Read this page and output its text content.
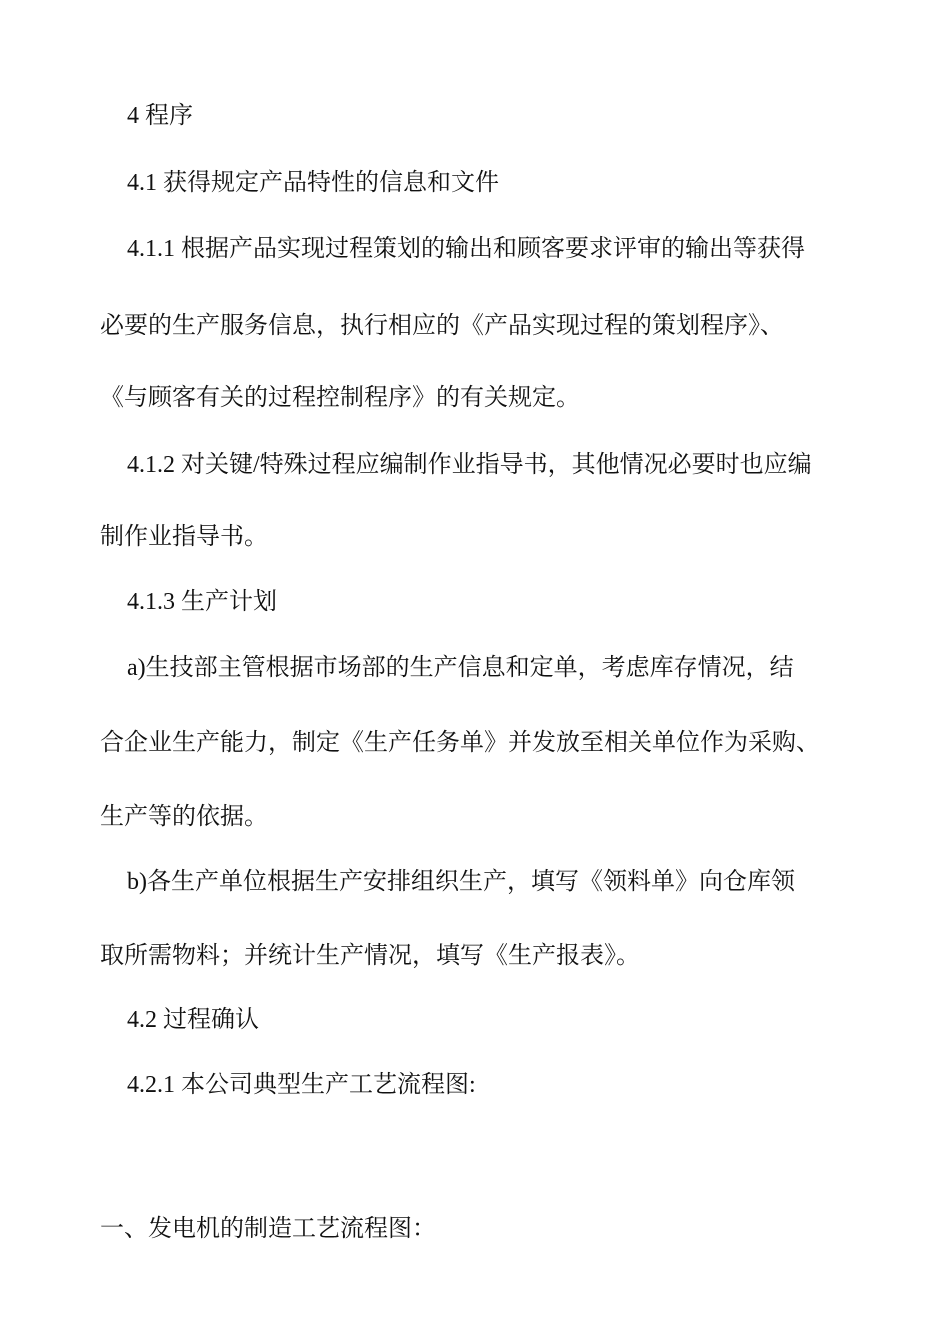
4 程序
4.1 获得规定产品特性的信息和文件
4.1.1 根据产品实现过程策划的输出和顾客要求评审的输出等获得
必要的生产服务信息，执行相应的《产品实现过程的策划程序》、
《与顾客有关的过程控制程序》的有关规定。
4.1.2 对关键/特殊过程应编制作业指导书，其他情况必要时也应编
制作业指导书。
4.1.3 生产计划
a)生技部主管根据市场部的生产信息和定单，考虑库存情况，结
合企业生产能力，制定《生产任务单》并发放至相关单位作为采购、
生产等的依据。
b)各生产单位根据生产安排组织生产，填写《领料单》向仓库领
取所需物料；并统计生产情况，填写《生产报表》。
4.2 过程确认
4.2.1 本公司典型生产工艺流程图:
一、发电机的制造工艺流程图：
